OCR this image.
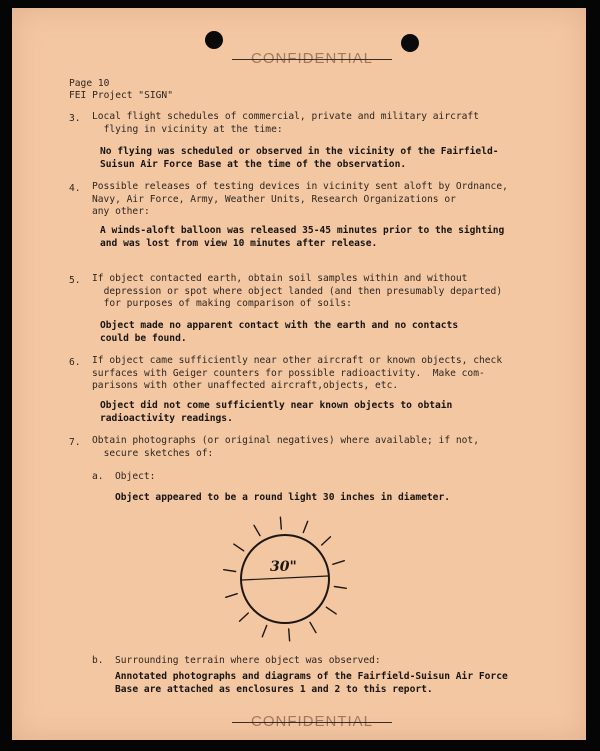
CONFIDENTIAL
Page 10
FEI Project "SIGN"
3. Local flight schedules of commercial, private and military aircraft
flying in vicinity at the time:
No flying was scheduled or observed in the vicinity of the Fairfield-
Suisun Air Force Base at the time of the observation.
4. Possible releases of testing devices in vicinity sent aloft by Ordnance,
Navy, Air Force, Army, Weather Units, Research Organizations or
any other:
A winds-aloft balloon was released 35-45 minutes prior to the sighting
and was lost from view 10 minutes after release.
5. If object contacted earth, obtain soil samples within and without
depression or spot where object landed (and then presumably departed)
for purposes of making comparison of soils:
Object made no apparent contact with the earth and no contacts
could be found.
6. If object came sufficiently near other aircraft or known objects, check
surfaces with Geiger counters for possible radioactivity.  Make com-
parisons with other unaffected aircraft,objects, etc.
Object did not come sufficiently near known objects to obtain
radioactivity readings.
7. Obtain photographs (or original negatives) where available; if not,
secure sketches of:
a. Object:
Object appeared to be a round light 30 inches in diameter.
30"
b. Surrounding terrain where object was observed:
Annotated photographs and diagrams of the Fairfield-Suisun Air Force
Base are attached as enclosures 1 and 2 to this report.
CONFIDENTIAL
